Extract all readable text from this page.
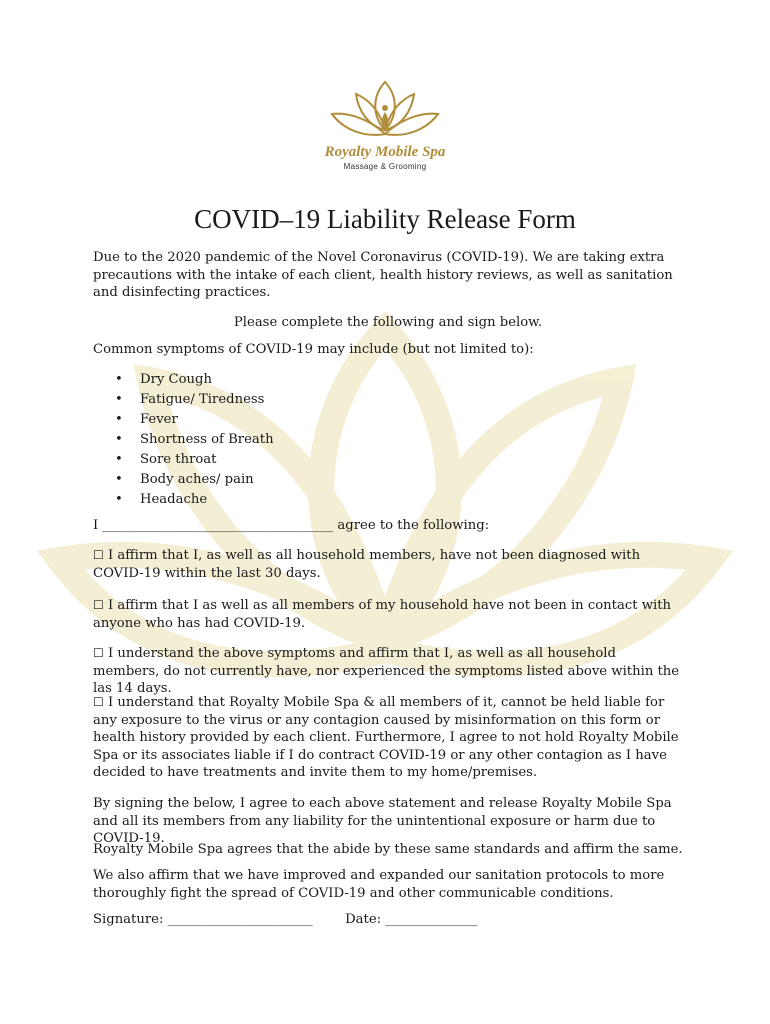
Royalty Mobile Spa
Massage & Grooming
COVID–19 Liability Release Form

Due to the 2020 pandemic of the Novel Coronavirus (COVID-19). We are taking extra precautions with the intake of each client, health history reviews, as well as sanitation and disinfecting practices.

Please complete the following and sign below.

Common symptoms of COVID-19 may include (but not limited to):

• Dry Cough
• Fatigue/ Tiredness
• Fever
• Shortness of Breath
• Sore throat
• Body aches/ pain
• Headache

I ___________________________________ agree to the following:

☐ I affirm that I, as well as all household members, have not been diagnosed with COVID-19 within the last 30 days.

☐ I affirm that I as well as all members of my household have not been in contact with anyone who has had COVID-19.

☐ I understand the above symptoms and affirm that I, as well as all household members, do not currently have, nor experienced the symptoms listed above within the las 14 days.

☐ I understand that Royalty Mobile Spa & all members of it, cannot be held liable for any exposure to the virus or any contagion caused by misinformation on this form or health history provided by each client. Furthermore, I agree to not hold Royalty Mobile Spa or its associates liable if I do contract COVID-19 or any other contagion as I have decided to have treatments and invite them to my home/premises.

By signing the below, I agree to each above statement and release Royalty Mobile Spa and all its members from any liability for the unintentional exposure or harm due to COVID-19.

Royalty Mobile Spa agrees that the abide by these same standards and affirm the same.

We also affirm that we have improved and expanded our sanitation protocols to more thoroughly fight the spread of COVID-19 and other communicable conditions.

Signature: ______________________ Date: ______________
